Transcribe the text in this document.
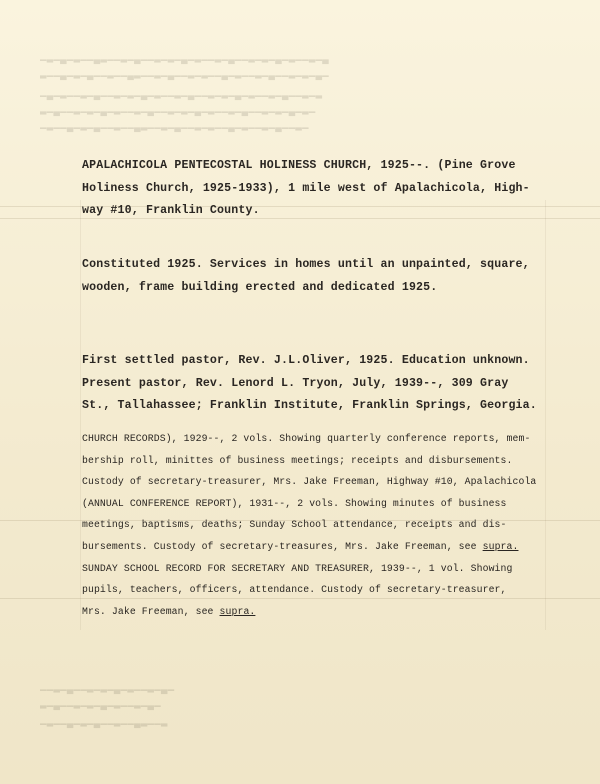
▁▂▁▃▁▂▁▁▃▂▁▁▂▁▃▁▁▂▁▂▁▃▁▂▁▁▂▁▃▁▁▂▁▂▁▃▁▂▁▁▂▁▃
▂▁▁▃▁▂▁▃▁▁▂▁▁▃▂▁▁▂▁▃▁▁▂▁▂▁▁▃▁▂▁▁▂▁▃▁▁▂▁▂▁▃▁
▁▃▁▂▁▁▂▁▃▁▁▂▁▂▁▃▁▂▁▁▂▁▃▁▁▂▁▂▁▃▁▂▁▁▂▁▃▁▁▂▁▂
▂▁▃▁▁▂▁▂▁▃▁▂▁▁▂▁▃▁▁▂▁▂▁▃▁▂▁▁▂▁▃▁▁▂▁▂▁▃▁▂▁
▁▂▁▁▃▁▂▁▃▁▁▂▁▁▃▂▁▁▂▁▃▁▁▂▁▂▁▁▃▁▂▁▁▂▁▃▁▁▂▁
▁▁▂▁▃▁▁▂▁▂▁▃▁▂▁▁▂▁▃▁
▂▁▃▁▁▂▁▂▁▃▁▂▁▁▂▁▃▁
▁▂▁▁▃▁▂▁▃▁▁▂▁▁▃▂▁▁▂

APALACHICOLA PENTECOSTAL HOLINESS CHURCH, 1925--. (Pine Grove
Holiness Church, 1925-1933), 1 mile west of Apalachicola, High-
way #10, Franklin County.

Constituted 1925. Services in homes until an unpainted, square,
wooden, frame building erected and dedicated 1925.

First settled pastor, Rev. J.L.Oliver, 1925. Education unknown.
Present pastor, Rev. Lenord L. Tryon, July, 1939--, 309 Gray
St., Tallahassee; Franklin Institute, Franklin Springs, Georgia.

CHURCH RECORDS), 1929--, 2 vols. Showing quarterly conference reports, mem-
bership roll, minittes of business meetings; receipts and disbursements.
Custody of secretary-treasurer, Mrs. Jake Freeman, Highway #10, Apalachicola
(ANNUAL CONFERENCE REPORT), 1931--, 2 vols. Showing minutes of business
meetings, baptisms, deaths; Sunday School attendance, receipts and dis-
bursements. Custody of secretary-treasures, Mrs. Jake Freeman, see supra.
SUNDAY SCHOOL RECORD FOR SECRETARY AND TREASURER, 1939--, 1 vol. Showing
pupils, teachers, officers, attendance. Custody of secretary-treasurer,
Mrs. Jake Freeman, see supra.
